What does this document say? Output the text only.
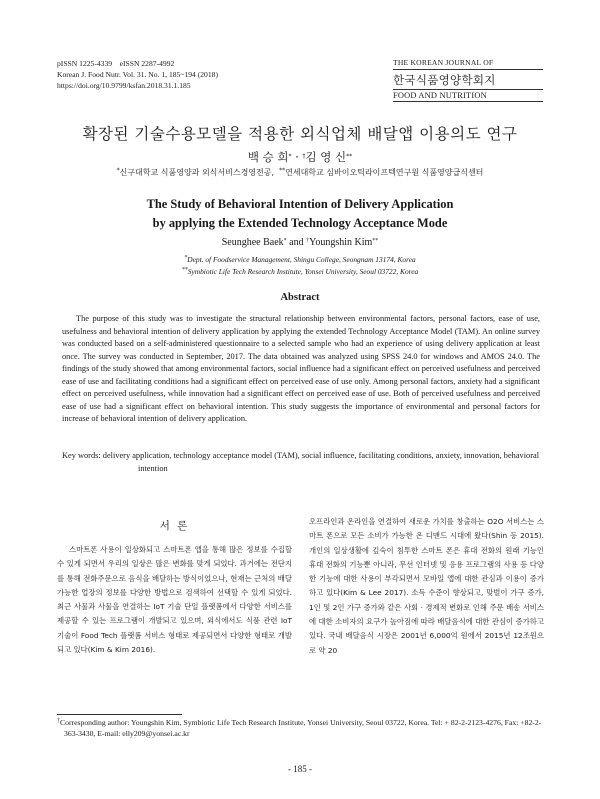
pISSN 1225-4339    eISSN 2287-4992
Korean J. Food Nutr. Vol. 31. No. 1, 185~194 (2018)
https://doi.org/10.9799/ksfan.2018.31.1.185
THE KOREAN JOURNAL OF
한국식품영양학회지
FOOD AND NUTRITION
확장된 기술수용모델을 적용한 외식업체 배달앱 이용의도 연구
백 승 희* · †김 영 신**
*신구대학교 식품영양과 외식서비스경영전공,  **연세대학교 심바이오틱라이프텍연구원 식품영양급식센터
The Study of Behavioral Intention of Delivery Application
by applying the Extended Technology Acceptance Mode
Seunghee Baek* and †Youngshin Kim**
*Dept. of Foodservice Management, Shingu College, Seongnam 13174, Korea
**Symbiotic Life Tech Research Institute, Yonsei University, Seoul 03722, Korea
Abstract

The purpose of this study was to investigate the structural relationship between environmental factors, personal factors, ease of use, usefulness and behavioral intention of delivery application by applying the extended Technology Acceptance Model (TAM). An online survey was conducted based on a self-administered questionnaire to a selected sample who had an experience of using delivery application at least once. The survey was conducted in September, 2017. The data obtained was analyzed using SPSS 24.0 for windows and AMOS 24.0. The findings of the study showed that among environmental factors, social influence had a significant effect on perceived usefulness and perceived ease of use and facilitating conditions had a significant effect on perceived ease of use only. Among personal factors, anxiety had a significant effect on perceived usefulness, while innovation had a significant effect on perceived ease of use. Both of perceived usefulness and perceived ease of use had a significant effect on behavioral intention. This study suggests the importance of environmental and personal factors for increase of behavioral intention of delivery application.

Key words: delivery application, technology acceptance model (TAM), social influence, facilitating conditions, anxiety, innovation, behavioral intention

서 론

스마트폰 사용이 일상화되고 스마트폰 앱을 통해 많은 정보를 수집할 수 있게 되면서 우리의 일상은 많은 변화를 맞게 되었다. 과거에는 전단지를 통해 전화주문으로 음식을 배달하는 방식이었으나, 현재는 근처의 배달 가능한 업장의 정보를 다양한 방법으로 검색하여 선택할 수 있게 되었다. 최근 사물과 사물을 연결하는 IoT 기술 단일 플랫폼에서 다양한 서비스를 제공할 수 있는 프로그램이 개발되고 있으며, 외식에서도 식품 관련 IoT 기술이 Food Tech 플랫폼 서비스 형태로 제공되면서 다양한 형태로 개발되고 있다(Kim & Kim 2016).

오프라인과 온라인을 연결하여 새로운 가치를 창출하는 O2O 서비스는 스마트 폰으로 모든 소비가 가능한 온 디맨드 시대에 왔다(Shin 등 2015). 개인의 일상생활에 깊숙이 침투한 스마트 폰은 휴대 전화의 원래 기능인 휴대 전화의 기능뿐 아니라, 무선 인터넷 및 응용 프로그램의 사용 등 다양한 기능에 대한 사용이 부각되면서 모바일 앱에 대한 관심과 이용이 증가하고 있다(Kim & Lee 2017). 소득 수준이 향상되고, 맞벌이 가구 증가, 1인 및 2인 가구 증가와 같은 사회 · 경제적 변화로 인해 주문 배송 서비스에 대한 소비자의 요구가 높아짐에 따라 배달음식에 대한 관심이 증가하고 있다. 국내 배달음식 시장은 2001년 6,000억 원에서 2015년 12조원으로 약 20

†Corresponding author: Youngshin Kim, Symbiotic Life Tech Research Institute, Yonsei University, Seoul 03722, Korea. Tel: + 82-2-2123-4276, Fax: +82-2-363-3430, E-mail: elly209@yonsei.ac.kr

- 185 -
